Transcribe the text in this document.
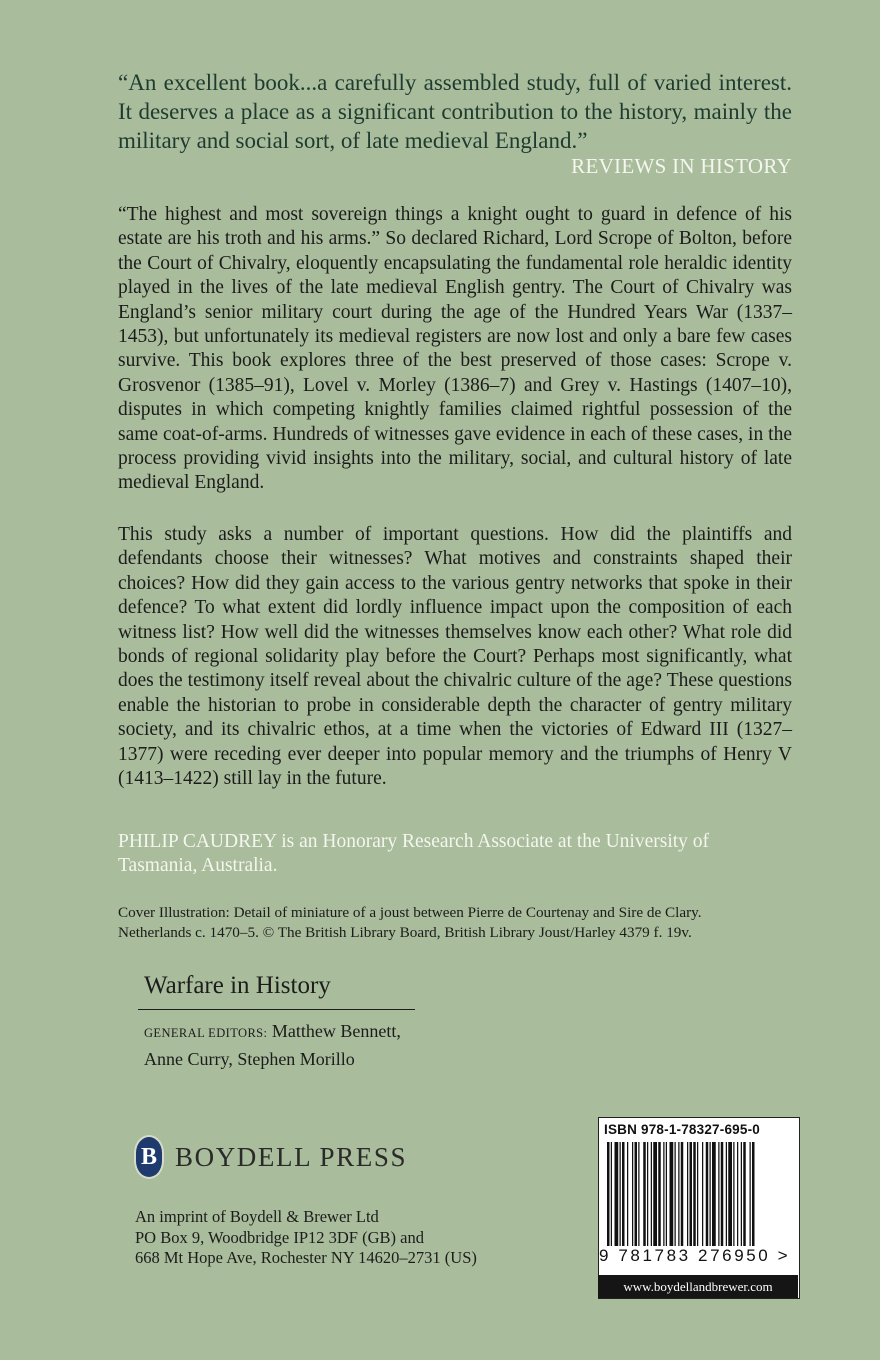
“An excellent book...a carefully assembled study, full of varied interest. It deserves a place as a significant contribution to the history, mainly the military and social sort, of late medieval England.”
REVIEWS IN HISTORY
“The highest and most sovereign things a knight ought to guard in defence of his estate are his troth and his arms.” So declared Richard, Lord Scrope of Bolton, before the Court of Chivalry, eloquently encapsulating the fundamental role heraldic identity played in the lives of the late medieval English gentry. The Court of Chivalry was England’s senior military court during the age of the Hundred Years War (1337–1453), but unfortunately its medieval registers are now lost and only a bare few cases survive. This book explores three of the best preserved of those cases: Scrope v. Grosvenor (1385–91), Lovel v. Morley (1386–7) and Grey v. Hastings (1407–10), disputes in which competing knightly families claimed rightful possession of the same coat-of-arms. Hundreds of witnesses gave evidence in each of these cases, in the process providing vivid insights into the military, social, and cultural history of late medieval England.
This study asks a number of important questions. How did the plaintiffs and defendants choose their witnesses? What motives and constraints shaped their choices? How did they gain access to the various gentry networks that spoke in their defence? To what extent did lordly influence impact upon the composition of each witness list? How well did the witnesses themselves know each other? What role did bonds of regional solidarity play before the Court? Perhaps most significantly, what does the testimony itself reveal about the chivalric culture of the age? These questions enable the historian to probe in considerable depth the character of gentry military society, and its chivalric ethos, at a time when the victories of Edward III (1327–1377) were receding ever deeper into popular memory and the triumphs of Henry V (1413–1422) still lay in the future.
PHILIP CAUDREY is an Honorary Research Associate at the University of Tasmania, Australia.
Cover Illustration: Detail of miniature of a joust between Pierre de Courtenay and Sire de Clary.
Netherlands c. 1470–5. © The British Library Board, British Library Joust/Harley 4379 f. 19v.
Warfare in History
GENERAL EDITORS: Matthew Bennett,
Anne Curry, Stephen Morillo
B BOYDELL PRESS
An imprint of Boydell & Brewer Ltd
PO Box 9, Woodbridge IP12 3DF (GB) and
668 Mt Hope Ave, Rochester NY 14620–2731 (US)
ISBN 978-1-78327-695-0
9 781783 276950 >
www.boydellandbrewer.com
